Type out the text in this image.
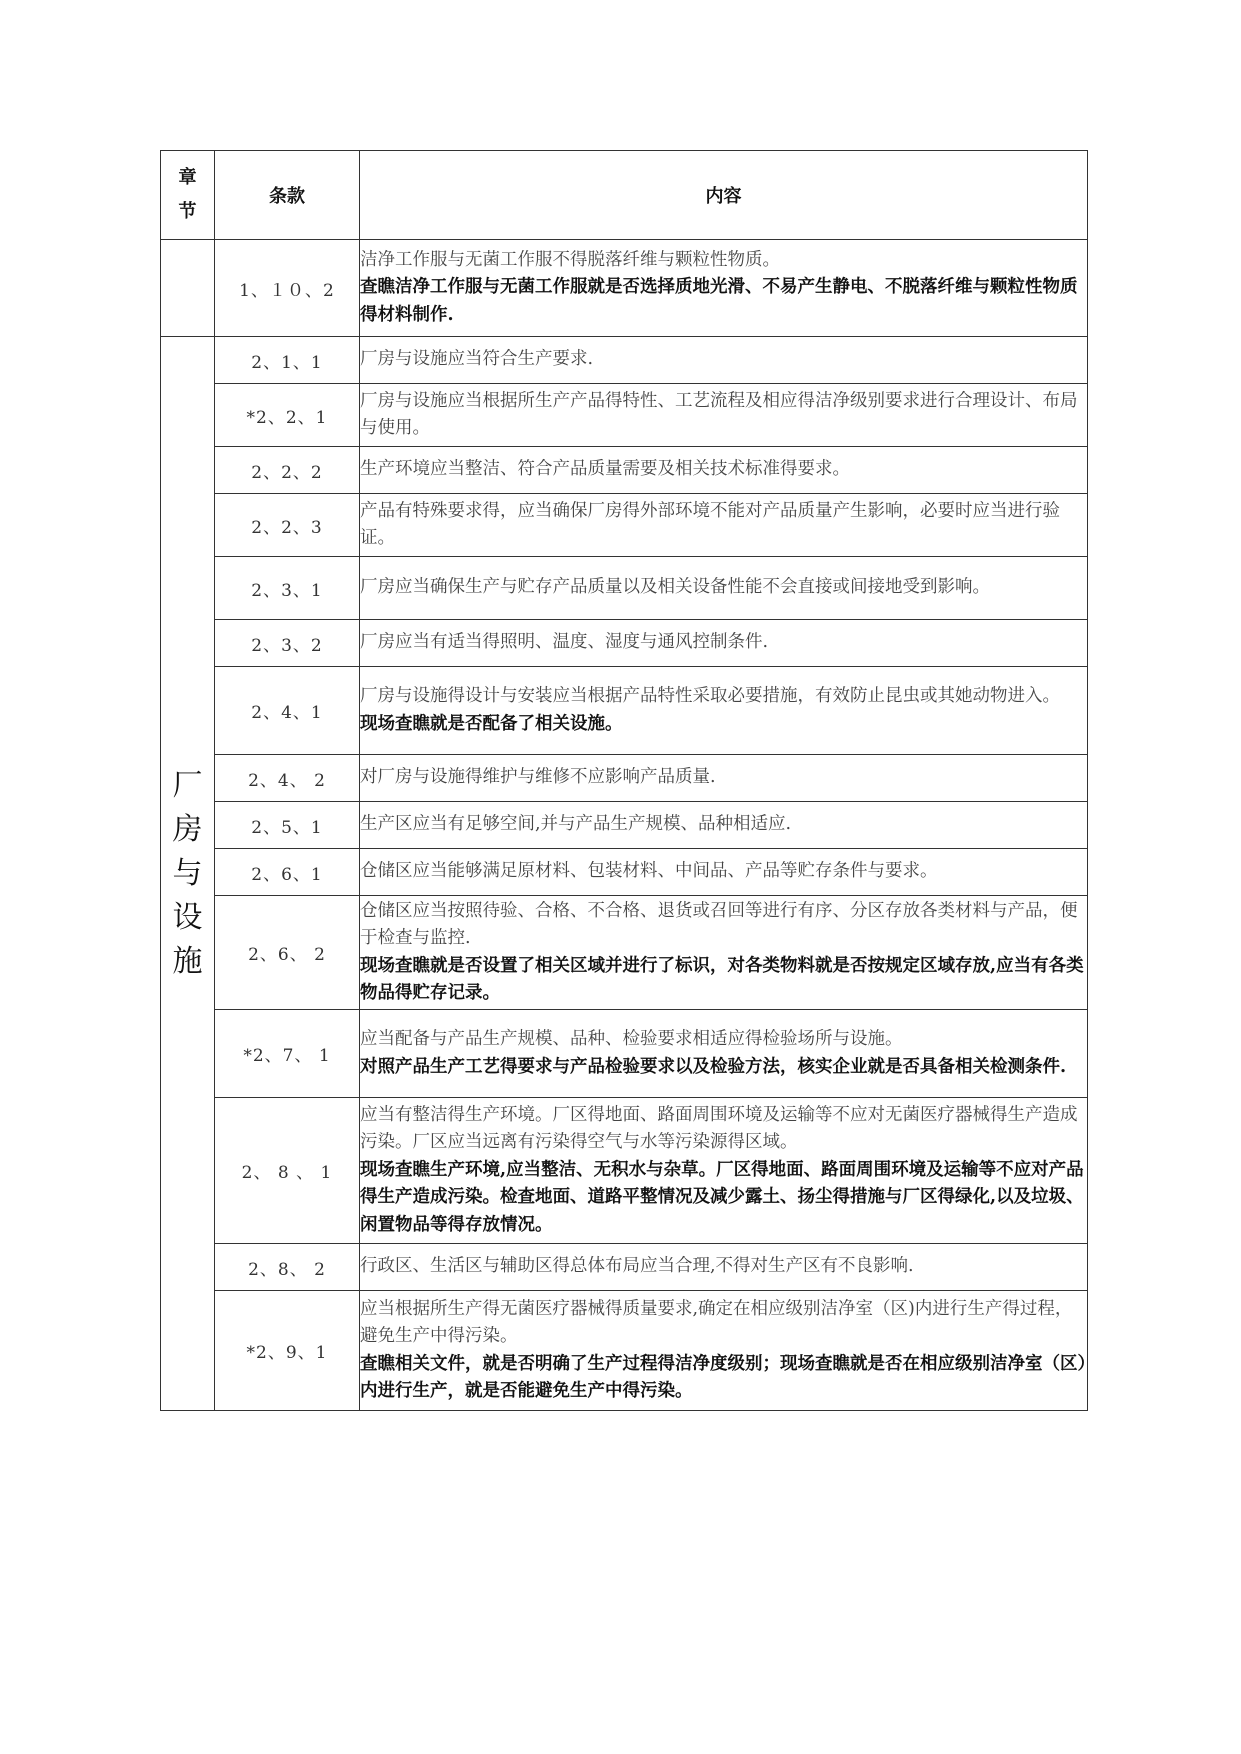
章节	条款	内容
	1、１０、2	洁净工作服与无菌工作服不得脱落纤维与颗粒性物质。
查瞧洁净工作服与无菌工作服就是否选择质地光滑、不易产生静电、不脱落纤维与颗粒性物质得材料制作.

厂房与设施	2、1、1	厂房与设施应当符合生产要求.

	*2、2、1	厂房与设施应当根据所生产产品得特性、工艺流程及相应得洁净级别要求进行合理设计、布局与使用。

	2、2、2	生产环境应当整洁、符合产品质量需要及相关技术标准得要求。

	2、2、3	产品有特殊要求得，应当确保厂房得外部环境不能对产品质量产生影响，必要时应当进行验证。

	2、3、1	厂房应当确保生产与贮存产品质量以及相关设备性能不会直接或间接地受到影响。

	2、3、2	厂房应当有适当得照明、温度、湿度与通风控制条件.

	2、4、1	厂房与设施得设计与安装应当根据产品特性采取必要措施，有效防止昆虫或其她动物进入。
现场查瞧就是否配备了相关设施。

	2、4、 2	对厂房与设施得维护与维修不应影响产品质量.

	2、5、1	生产区应当有足够空间,并与产品生产规模、品种相适应.

	2、6、1	仓储区应当能够满足原材料、包装材料、中间品、产品等贮存条件与要求。

	2、6、 2	仓储区应当按照待验、合格、不合格、退货或召回等进行有序、分区存放各类材料与产品，便于检查与监控.
现场查瞧就是否设置了相关区域并进行了标识，对各类物料就是否按规定区域存放,应当有各类物品得贮存记录。

	*2、7、 1	应当配备与产品生产规模、品种、检验要求相适应得检验场所与设施。
对照产品生产工艺得要求与产品检验要求以及检验方法，核实企业就是否具备相关检测条件.

	2、 8 、 1	应当有整洁得生产环境。厂区得地面、路面周围环境及运输等不应对无菌医疗器械得生产造成污染。厂区应当远离有污染得空气与水等污染源得区域。
现场查瞧生产环境,应当整洁、无积水与杂草。厂区得地面、路面周围环境及运输等不应对产品得生产造成污染。检查地面、道路平整情况及减少露土、扬尘得措施与厂区得绿化,以及垃圾、闲置物品等得存放情况。

	2、8、 2	行政区、生活区与辅助区得总体布局应当合理,不得对生产区有不良影响.

	*2、9、1	应当根据所生产得无菌医疗器械得质量要求,确定在相应级别洁净室（区)内进行生产得过程，避免生产中得污染。
查瞧相关文件，就是否明确了生产过程得洁净度级别；现场查瞧就是否在相应级别洁净室（区）内进行生产，就是否能避免生产中得污染。
